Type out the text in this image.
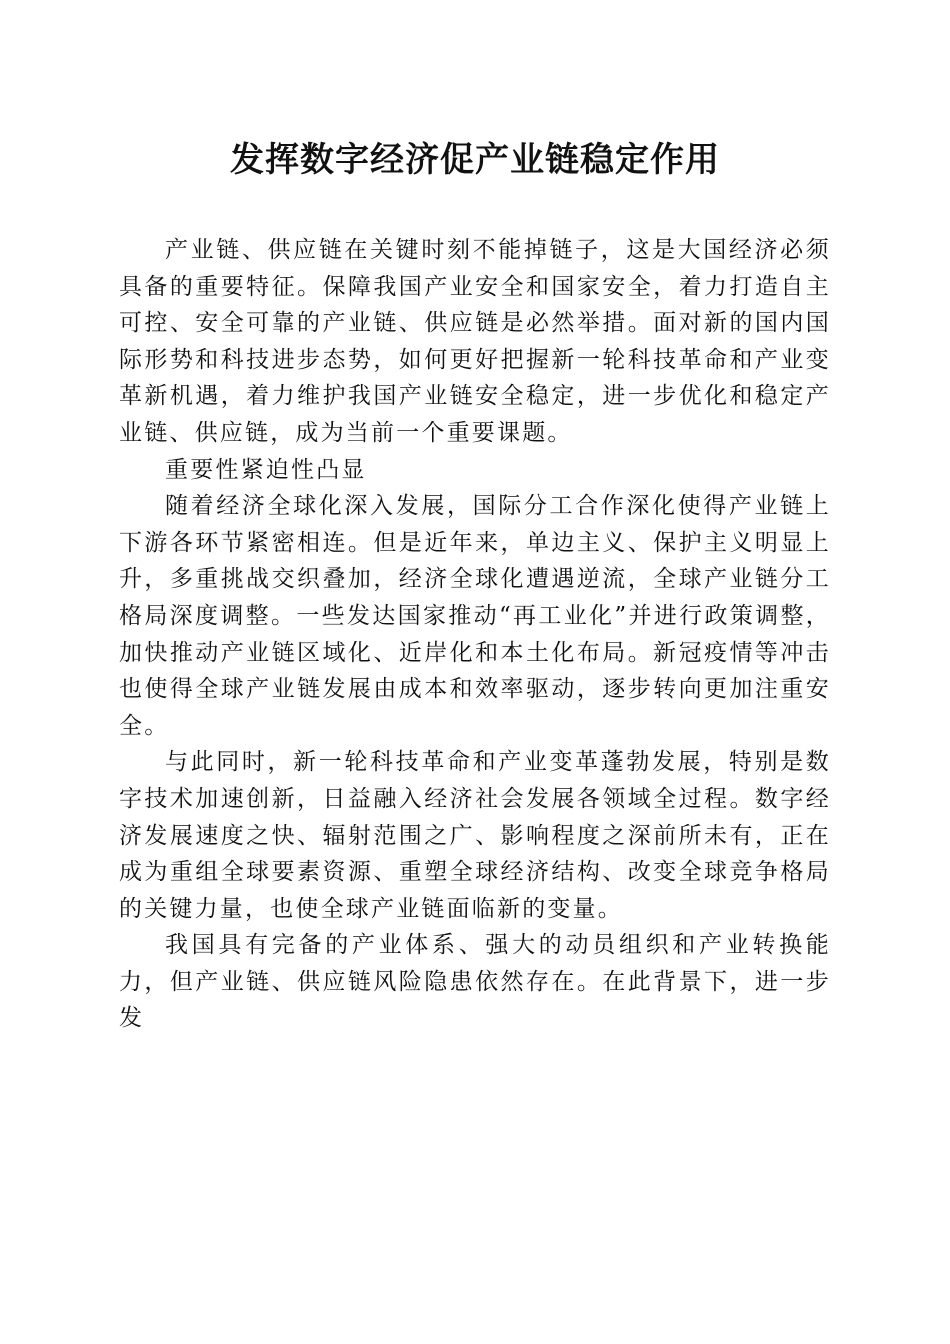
发挥数字经济促产业链稳定作用

产业链、供应链在关键时刻不能掉链子，这是大国经济必须具备的重要特征。保障我国产业安全和国家安全，着力打造自主可控、安全可靠的产业链、供应链是必然举措。面对新的国内国际形势和科技进步态势，如何更好把握新一轮科技革命和产业变革新机遇，着力维护我国产业链安全稳定，进一步优化和稳定产业链、供应链，成为当前一个重要课题。

重要性紧迫性凸显

随着经济全球化深入发展，国际分工合作深化使得产业链上下游各环节紧密相连。但是近年来，单边主义、保护主义明显上升，多重挑战交织叠加，经济全球化遭遇逆流，全球产业链分工格局深度调整。一些发达国家推动“再工业化”并进行政策调整，加快推动产业链区域化、近岸化和本土化布局。新冠疫情等冲击也使得全球产业链发展由成本和效率驱动，逐步转向更加注重安全。

与此同时，新一轮科技革命和产业变革蓬勃发展，特别是数字技术加速创新，日益融入经济社会发展各领域全过程。数字经济发展速度之快、辐射范围之广、影响程度之深前所未有，正在成为重组全球要素资源、重塑全球经济结构、改变全球竞争格局的关键力量，也使全球产业链面临新的变量。

我国具有完备的产业体系、强大的动员组织和产业转换能力，但产业链、供应链风险隐患依然存在。在此背景下，进一步发
